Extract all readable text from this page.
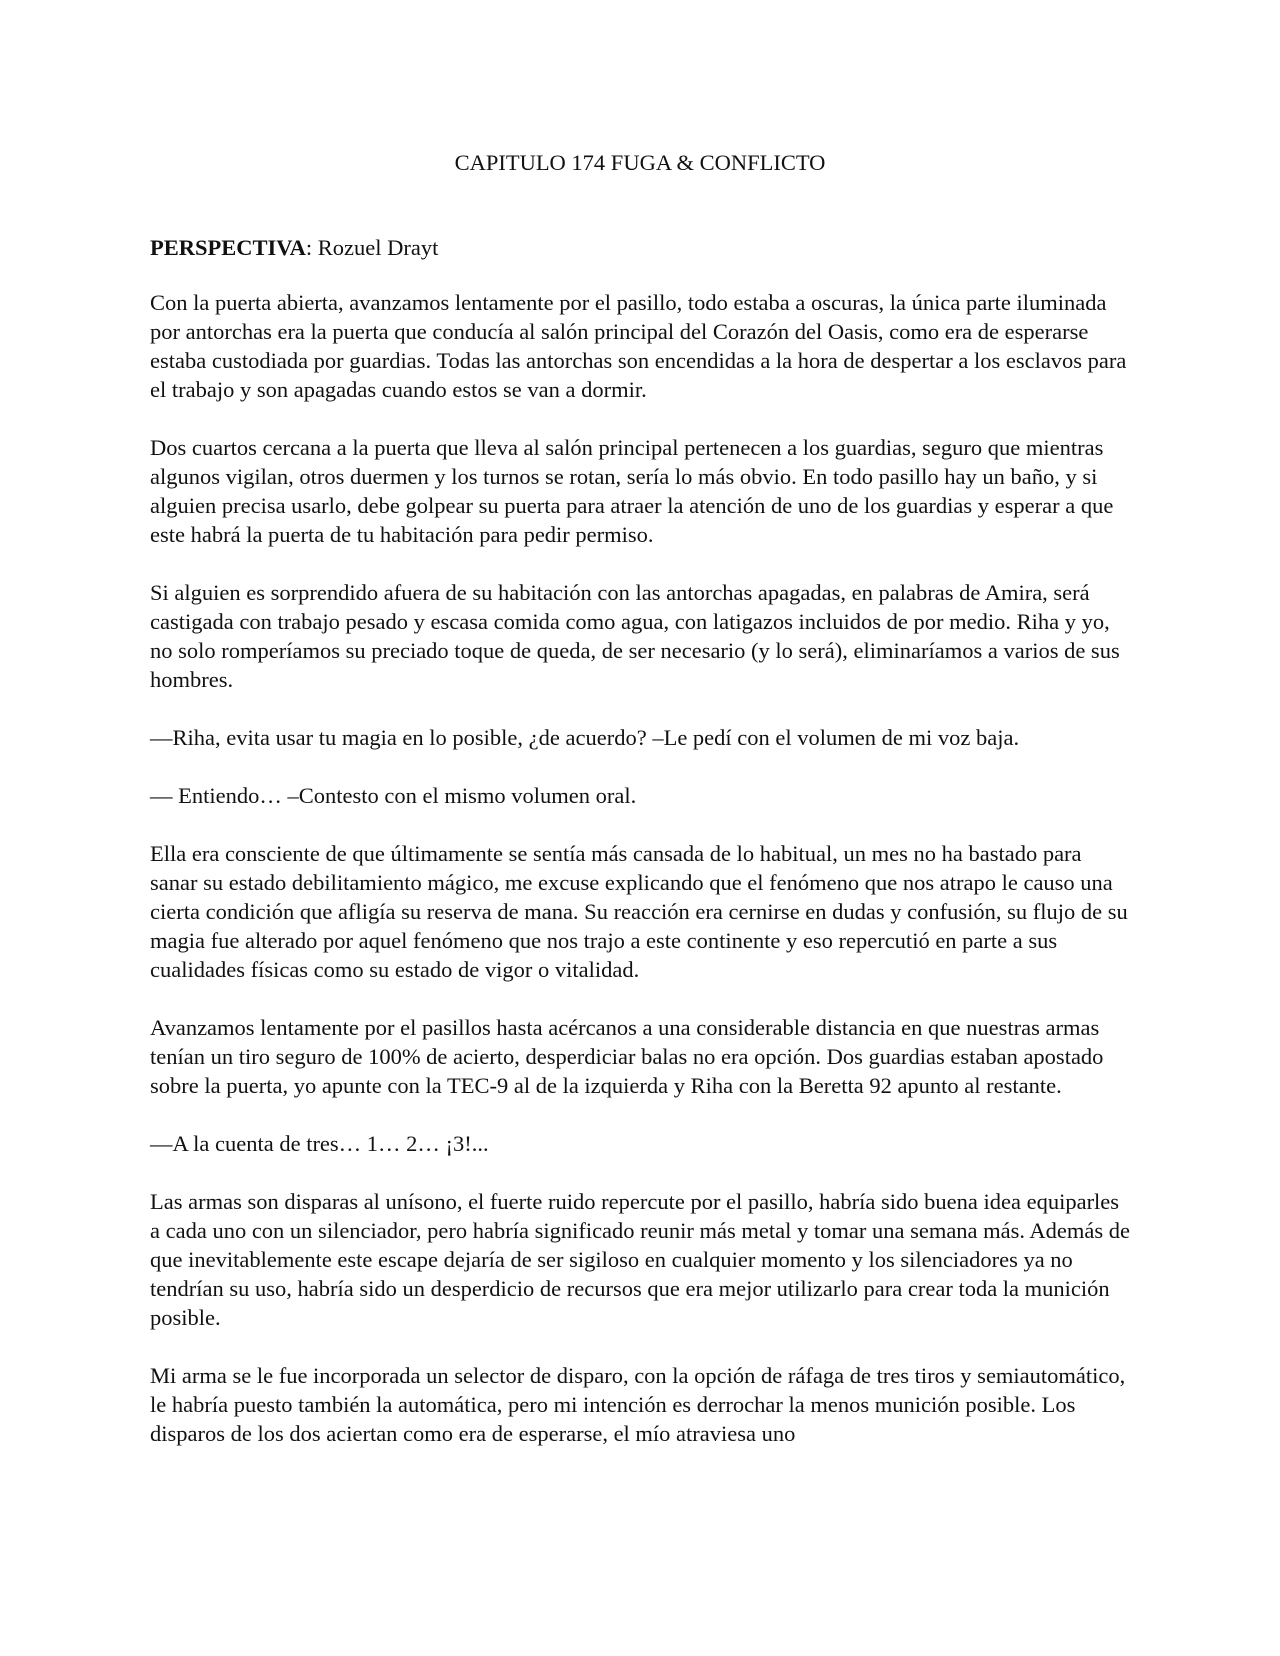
CAPITULO 174 FUGA & CONFLICTO
PERSPECTIVA: Rozuel Drayt

Con la puerta abierta, avanzamos lentamente por el pasillo, todo estaba a oscuras, la única parte iluminada por antorchas era la puerta que conducía al salón principal del Corazón del Oasis, como era de esperarse estaba custodiada por guardias. Todas las antorchas son encendidas a la hora de despertar a los esclavos para el trabajo y son apagadas cuando estos se van a dormir.

Dos cuartos cercana a la puerta que lleva al salón principal pertenecen a los guardias, seguro que mientras algunos vigilan, otros duermen y los turnos se rotan, sería lo más obvio. En todo pasillo hay un baño, y si alguien precisa usarlo, debe golpear su puerta para atraer la atención de uno de los guardias y esperar a que este habrá la puerta de tu habitación para pedir permiso.

Si alguien es sorprendido afuera de su habitación con las antorchas apagadas, en palabras de Amira, será castigada con trabajo pesado y escasa comida como agua, con latigazos incluidos de por medio. Riha y yo, no solo romperíamos su preciado toque de queda, de ser necesario (y lo será), eliminaríamos a varios de sus hombres.

—Riha, evita usar tu magia en lo posible, ¿de acuerdo? –Le pedí con el volumen de mi voz baja.

— Entiendo… –Contesto con el mismo volumen oral.

Ella era consciente de que últimamente se sentía más cansada de lo habitual, un mes no ha bastado para sanar su estado debilitamiento mágico, me excuse explicando que el fenómeno que nos atrapo le causo una cierta condición que afligía su reserva de mana. Su reacción era cernirse en dudas y confusión, su flujo de su magia fue alterado por aquel fenómeno que nos trajo a este continente y eso repercutió en parte a sus cualidades físicas como su estado de vigor o vitalidad.

Avanzamos lentamente por el pasillos hasta acércanos a una considerable distancia en que nuestras armas tenían un tiro seguro de 100% de acierto, desperdiciar balas no era opción. Dos guardias estaban apostado sobre la puerta, yo apunte con la TEC-9 al de la izquierda y Riha con la Beretta 92 apunto al restante.

—A la cuenta de tres… 1… 2… ¡3!...

Las armas son disparas al unísono, el fuerte ruido repercute por el pasillo, habría sido buena idea equiparles a cada uno con un silenciador, pero habría significado reunir más metal y tomar una semana más. Además de que inevitablemente este escape dejaría de ser sigiloso en cualquier momento y los silenciadores ya no tendrían su uso, habría sido un desperdicio de recursos que era mejor utilizarlo para crear toda la munición posible.

Mi arma se le fue incorporada un selector de disparo, con la opción de ráfaga de tres tiros y semiautomático, le habría puesto también la automática, pero mi intención es derrochar la menos munición posible. Los disparos de los dos aciertan como era de esperarse, el mío atraviesa uno
